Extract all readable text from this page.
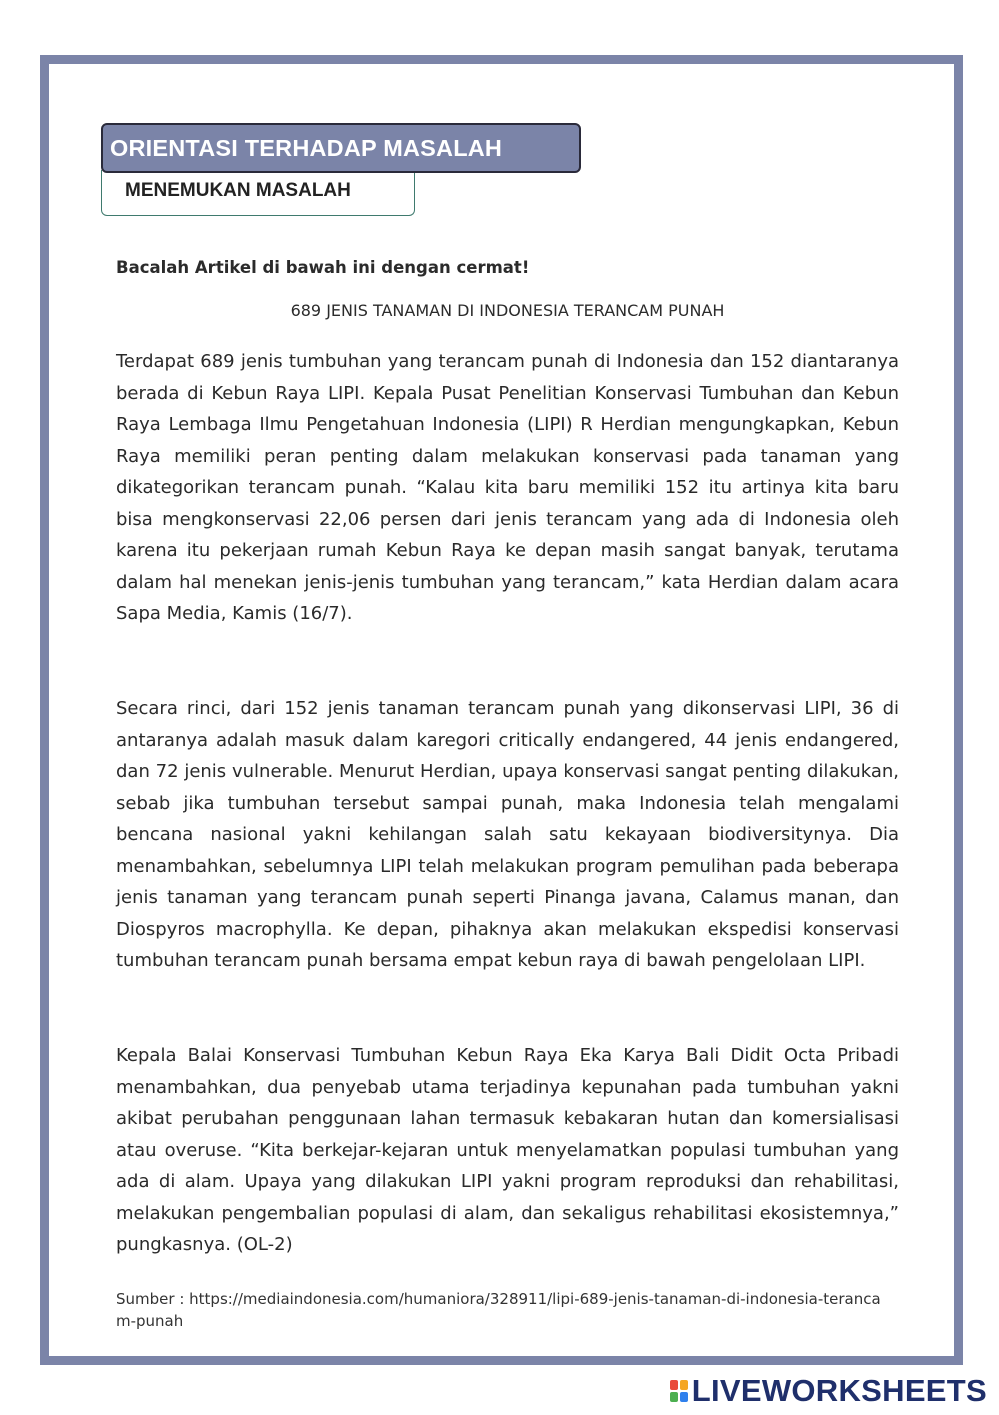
ORIENTASI TERHADAP MASALAH
MENEMUKAN MASALAH
Bacalah Artikel di bawah ini dengan cermat!
689 JENIS TANAMAN DI INDONESIA TERANCAM PUNAH

Terdapat 689 jenis tumbuhan yang terancam punah di Indonesia dan 152 diantaranya berada di Kebun Raya LIPI. Kepala Pusat Penelitian Konservasi Tumbuhan dan Kebun Raya Lembaga Ilmu Pengetahuan Indonesia (LIPI) R Herdian mengungkapkan, Kebun Raya memiliki peran penting dalam melakukan konservasi pada tanaman yang dikategorikan terancam punah. “Kalau kita baru memiliki 152 itu artinya kita baru bisa mengkonservasi 22,06 persen dari jenis terancam yang ada di Indonesia oleh karena itu pekerjaan rumah Kebun Raya ke depan masih sangat banyak, terutama dalam hal menekan jenis-jenis tumbuhan yang terancam,” kata Herdian dalam acara Sapa Media, Kamis (16/7).

Secara rinci, dari 152 jenis tanaman terancam punah yang dikonservasi LIPI, 36 di antaranya adalah masuk dalam karegori critically endangered, 44 jenis endangered, dan 72 jenis vulnerable. Menurut Herdian, upaya konservasi sangat penting dilakukan, sebab jika tumbuhan tersebut sampai punah, maka Indonesia telah mengalami bencana nasional yakni kehilangan salah satu kekayaan biodiversitynya. Dia menambahkan, sebelumnya LIPI telah melakukan program pemulihan pada beberapa jenis tanaman yang terancam punah seperti Pinanga javana, Calamus manan, dan Diospyros macrophylla. Ke depan, pihaknya akan melakukan ekspedisi konservasi tumbuhan terancam punah bersama empat kebun raya di bawah pengelolaan LIPI.

Kepala Balai Konservasi Tumbuhan Kebun Raya Eka Karya Bali Didit Octa Pribadi menambahkan, dua penyebab utama terjadinya kepunahan pada tumbuhan yakni akibat perubahan penggunaan lahan termasuk kebakaran hutan dan komersialisasi atau overuse. “Kita berkejar-kejaran untuk menyelamatkan populasi tumbuhan yang ada di alam. Upaya yang dilakukan LIPI yakni program reproduksi dan rehabilitasi, melakukan pengembalian populasi di alam, dan sekaligus rehabilitasi ekosistemnya,” pungkasnya. (OL-2)

Sumber : https://mediaindonesia.com/humaniora/328911/lipi-689-jenis-tanaman-di-indonesia-terancam-punah
LIVEWORKSHEETS
